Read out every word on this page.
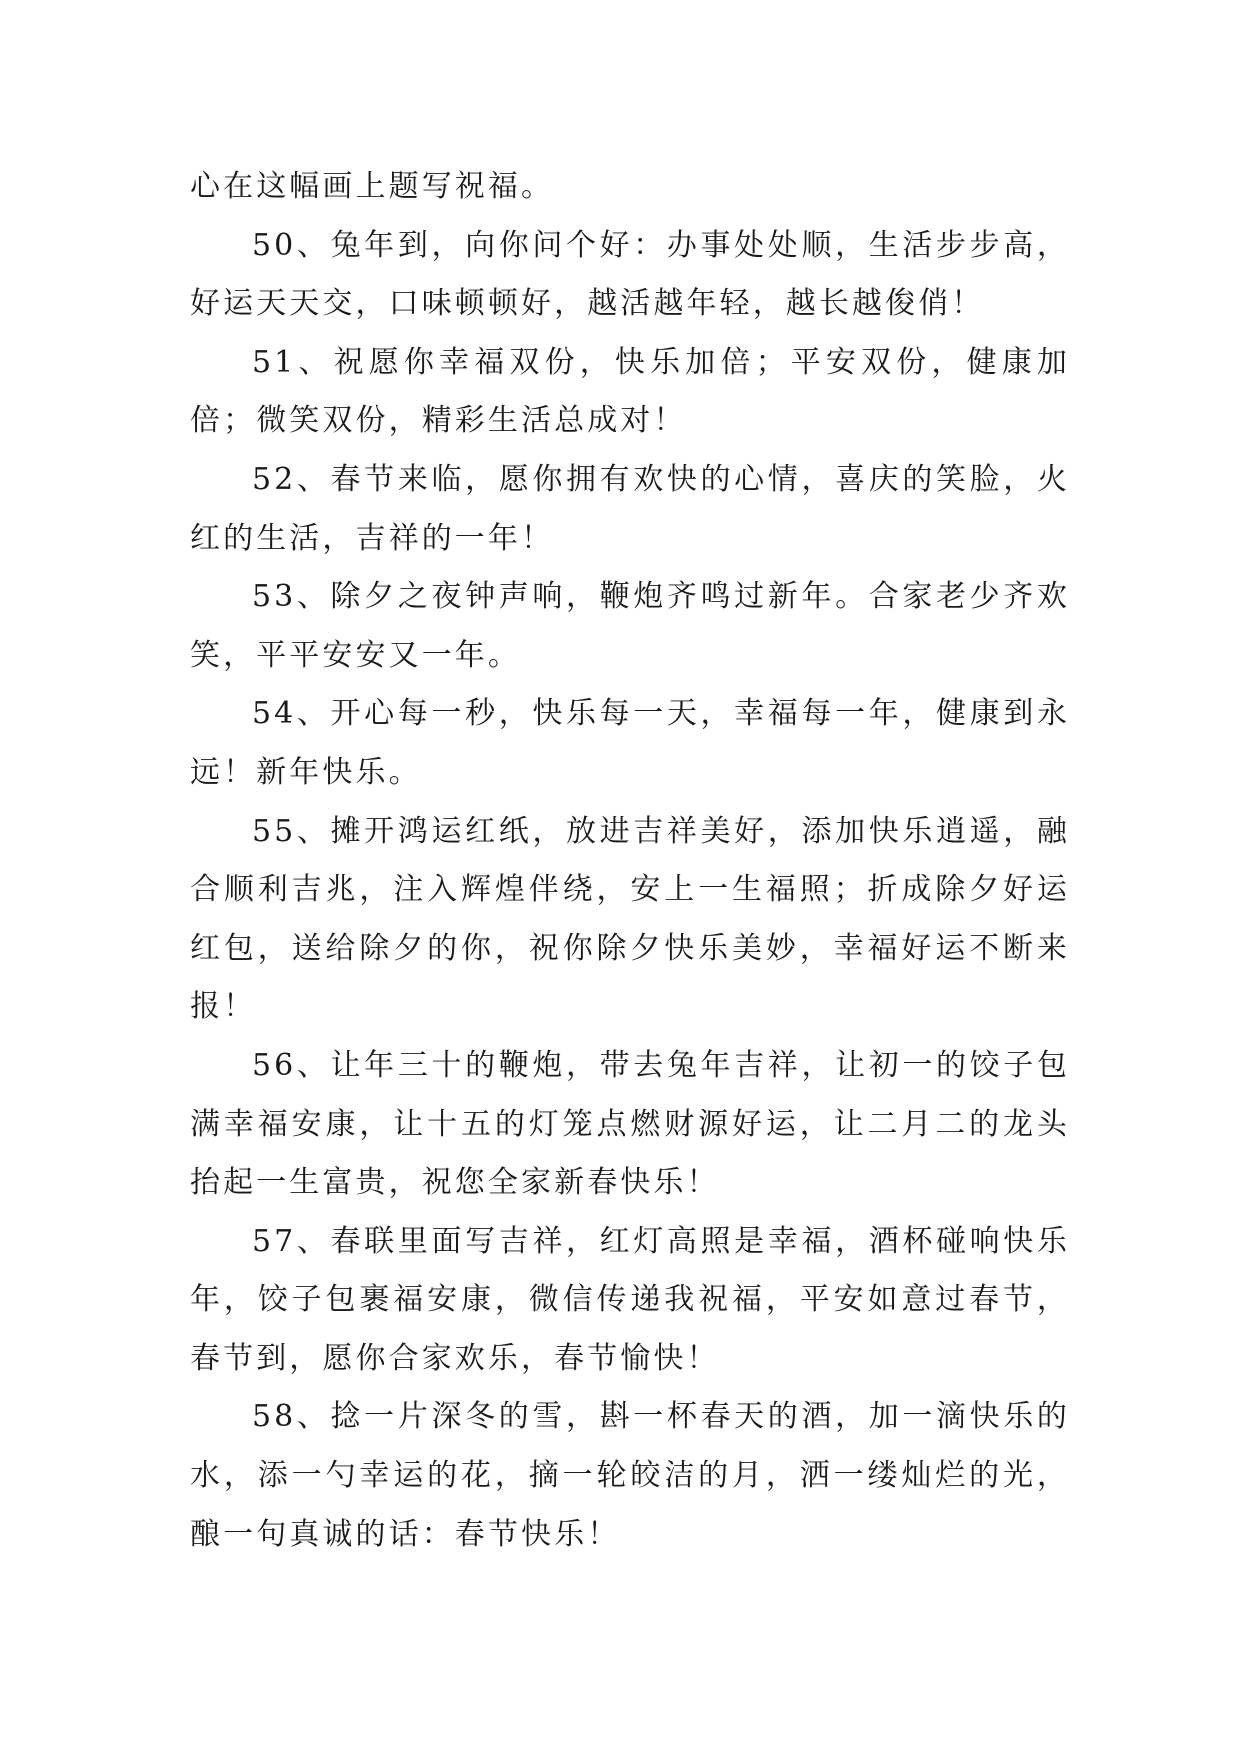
心在这幅画上题写祝福。

50、兔年到，向你问个好：办事处处顺，生活步步高，好运天天交，口味顿顿好，越活越年轻，越长越俊俏！

51、祝愿你幸福双份，快乐加倍；平安双份，健康加倍；微笑双份，精彩生活总成对！

52、春节来临，愿你拥有欢快的心情，喜庆的笑脸，火红的生活，吉祥的一年！

53、除夕之夜钟声响，鞭炮齐鸣过新年。合家老少齐欢笑，平平安安又一年。

54、开心每一秒，快乐每一天，幸福每一年，健康到永远！新年快乐。

55、摊开鸿运红纸，放进吉祥美好，添加快乐逍遥，融合顺利吉兆，注入辉煌伴绕，安上一生福照；折成除夕好运红包，送给除夕的你，祝你除夕快乐美妙，幸福好运不断来报！

56、让年三十的鞭炮，带去兔年吉祥，让初一的饺子包满幸福安康，让十五的灯笼点燃财源好运，让二月二的龙头抬起一生富贵，祝您全家新春快乐！

57、春联里面写吉祥，红灯高照是幸福，酒杯碰响快乐年，饺子包裹福安康，微信传递我祝福，平安如意过春节，春节到，愿你合家欢乐，春节愉快！

58、捻一片深冬的雪，斟一杯春天的酒，加一滴快乐的水，添一勺幸运的花，摘一轮皎洁的月，洒一缕灿烂的光，酿一句真诚的话：春节快乐！
